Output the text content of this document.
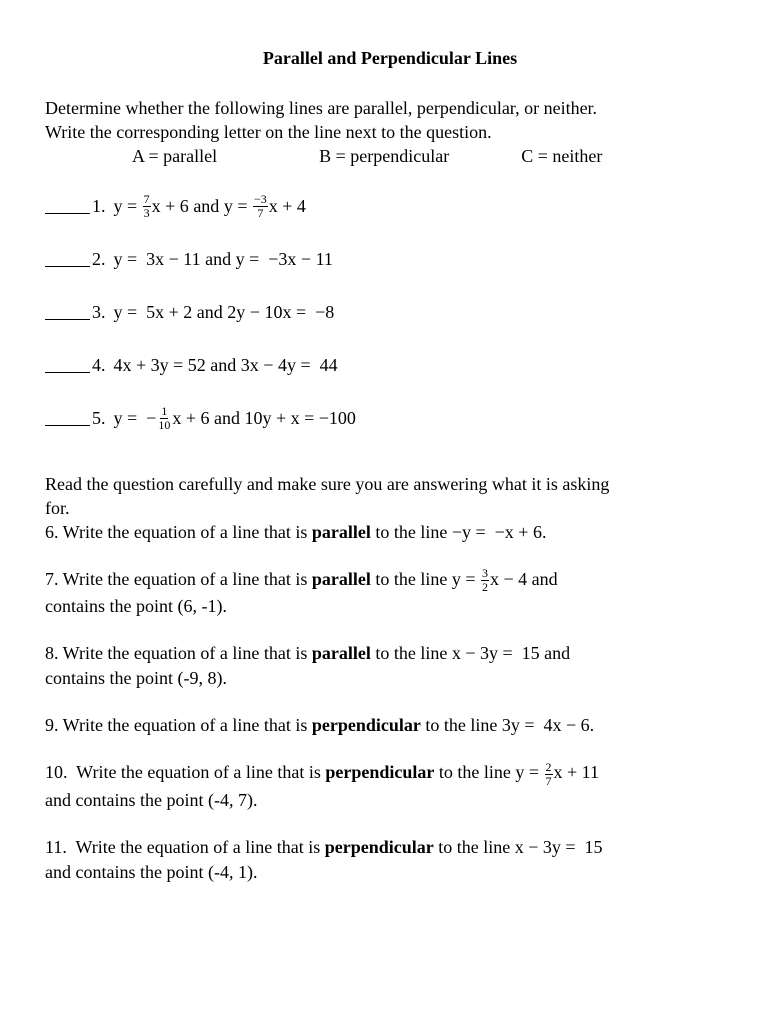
Parallel and Perpendicular Lines
Determine whether the following lines are parallel, perpendicular, or neither.
Write the corresponding letter on the line next to the question.
A = parallel	B = perpendicular	C = neither
1. y =
$\frac{7}{3}$ x + 6 and y =
$\frac{-3}{7}$ x + 4
2. y =  3x − 11 and y =  −3x − 11
3. y =  5x + 2 and 2y − 10x =  −8
4. 4x + 3y = 52 and 3x − 4y =  44
5. y =  − $\frac{1}{10}$ x + 6 and 10y + x = −100
Read the question carefully and make sure you are answering what it is asking
for.
6. Write the equation of a line that is parallel to the line −y =  −x + 6.
7. Write the equation of a line that is parallel to the line $y = \frac{3}{2}$ x − 4 and
contains the point (6, -1).
8. Write the equation of a line that is parallel to the line x − 3y =  15 and
contains the point (-9, 8).
9. Write the equation of a line that is perpendicular to the line 3y =  4x − 6.
10.  Write the equation of a line that is perpendicular to the line $y = \frac{2}{7}$ x + 11
and contains the point (-4, 7).
11.  Write the equation of a line that is perpendicular to the line x − 3y =  15
and contains the point (-4, 1).
